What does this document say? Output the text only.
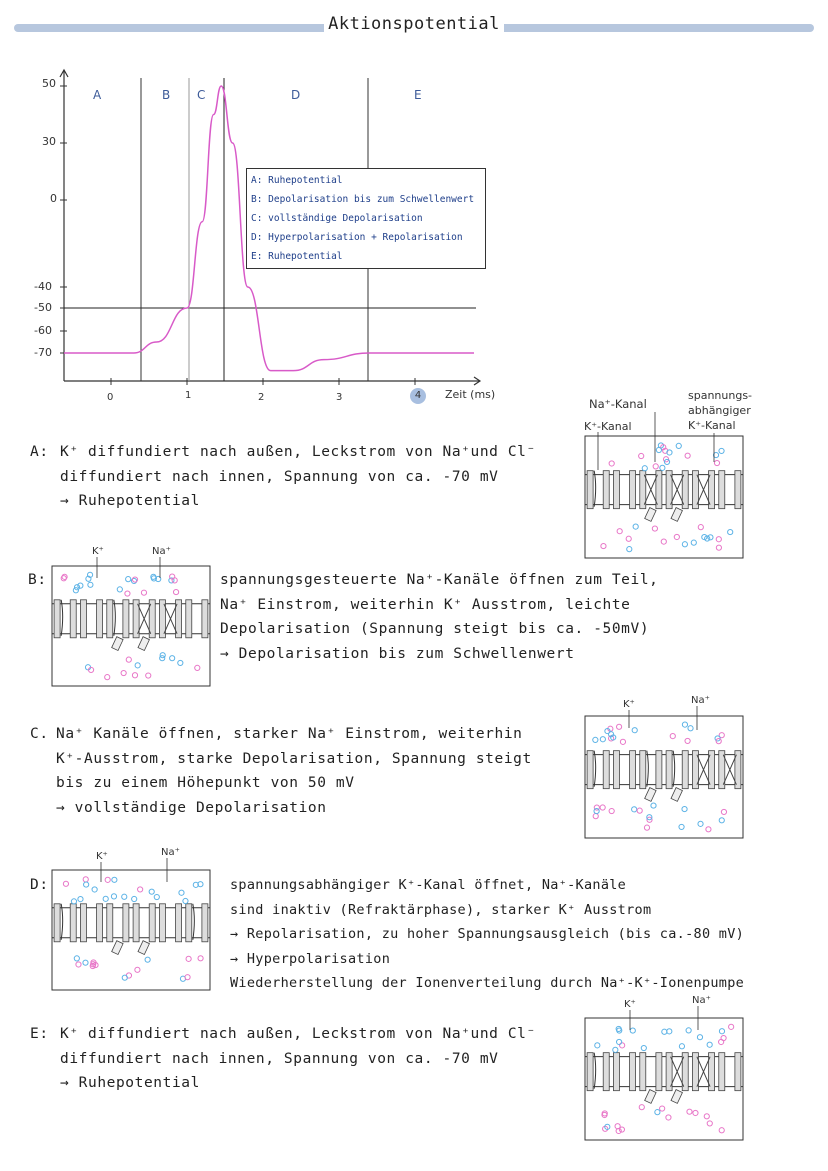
Aktionspotential
A: Ruhepotential
B: Depolarisation bis zum Schwellenwert
C: vollständige Depolarisation
D: Hyperpolarisation + Repolarisation
E: Ruhepotential
50
30
0
-40
-50
-60
-70
0	1	2	3	4	Zeit (ms)
A	B C	D	E
Na⁺-Kanal
K⁺-Kanal
spannungs-
abhängiger
K⁺-Kanal
K⁺	Na⁺
K⁺	Na⁺
K⁺	Na⁺
K⁺	Na⁺
A: K⁺ diffundiert nach außen, Leckstrom von Na⁺und Cl⁻
diffundiert nach innen, Spannung von ca. -70 mV
→ Ruhepotential
B:	spannungsgesteuerte Na⁺-Kanäle öffnen zum Teil,
Na⁺ Einstrom, weiterhin K⁺ Ausstrom, leichte
Depolarisation (Spannung steigt bis ca. -50mV)
→ Depolarisation bis zum Schwellenwert
C. Na⁺ Kanäle öffnen, starker Na⁺ Einstrom, weiterhin
K⁺-Ausstrom, starke Depolarisation, Spannung steigt
bis zu einem Höhepunkt von 50 mV
→ vollständige Depolarisation
D:	spannungsabhängiger K⁺-Kanal öffnet, Na⁺-Kanäle
sind inaktiv (Refraktärphase), starker K⁺ Ausstrom
→ Repolarisation, zu hoher Spannungsausgleich (bis ca.-80 mV)
→ Hyperpolarisation
Wiederherstellung der Ionenverteilung durch Na⁺-K⁺-Ionenpumpe
E: K⁺ diffundiert nach außen, Leckstrom von Na⁺und Cl⁻
diffundiert nach innen, Spannung von ca. -70 mV
→ Ruhepotential
